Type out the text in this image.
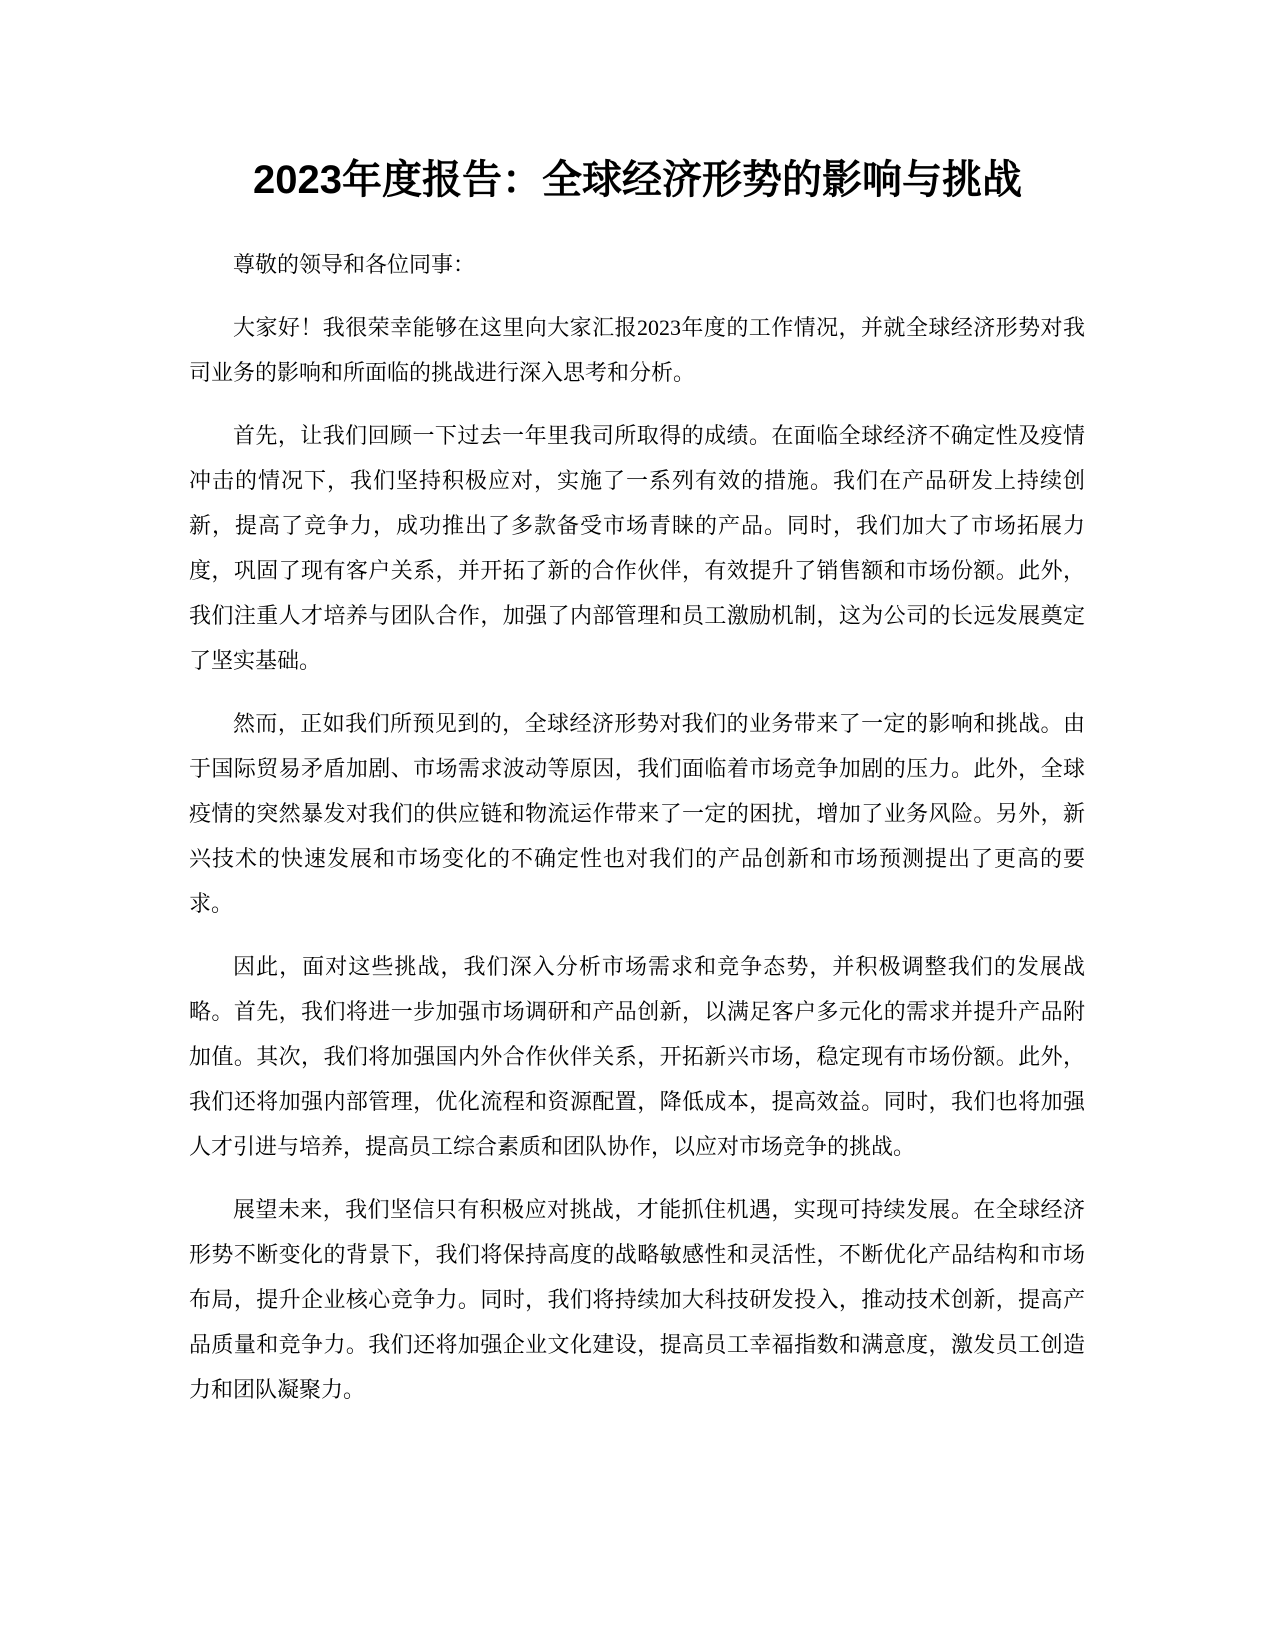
2023年度报告：全球经济形势的影响与挑战

尊敬的领导和各位同事：

大家好！我很荣幸能够在这里向大家汇报2023年度的工作情况，并就全球经济形势对我司业务的影响和所面临的挑战进行深入思考和分析。

首先，让我们回顾一下过去一年里我司所取得的成绩。在面临全球经济不确定性及疫情冲击的情况下，我们坚持积极应对，实施了一系列有效的措施。我们在产品研发上持续创新，提高了竞争力，成功推出了多款备受市场青睐的产品。同时，我们加大了市场拓展力度，巩固了现有客户关系，并开拓了新的合作伙伴，有效提升了销售额和市场份额。此外，我们注重人才培养与团队合作，加强了内部管理和员工激励机制，这为公司的长远发展奠定了坚实基础。

然而，正如我们所预见到的，全球经济形势对我们的业务带来了一定的影响和挑战。由于国际贸易矛盾加剧、市场需求波动等原因，我们面临着市场竞争加剧的压力。此外，全球疫情的突然暴发对我们的供应链和物流运作带来了一定的困扰，增加了业务风险。另外，新兴技术的快速发展和市场变化的不确定性也对我们的产品创新和市场预测提出了更高的要求。

因此，面对这些挑战，我们深入分析市场需求和竞争态势，并积极调整我们的发展战略。首先，我们将进一步加强市场调研和产品创新，以满足客户多元化的需求并提升产品附加值。其次，我们将加强国内外合作伙伴关系，开拓新兴市场，稳定现有市场份额。此外，我们还将加强内部管理，优化流程和资源配置，降低成本，提高效益。同时，我们也将加强人才引进与培养，提高员工综合素质和团队协作，以应对市场竞争的挑战。

展望未来，我们坚信只有积极应对挑战，才能抓住机遇，实现可持续发展。在全球经济形势不断变化的背景下，我们将保持高度的战略敏感性和灵活性，不断优化产品结构和市场布局，提升企业核心竞争力。同时，我们将持续加大科技研发投入，推动技术创新，提高产品质量和竞争力。我们还将加强企业文化建设，提高员工幸福指数和满意度，激发员工创造力和团队凝聚力。
